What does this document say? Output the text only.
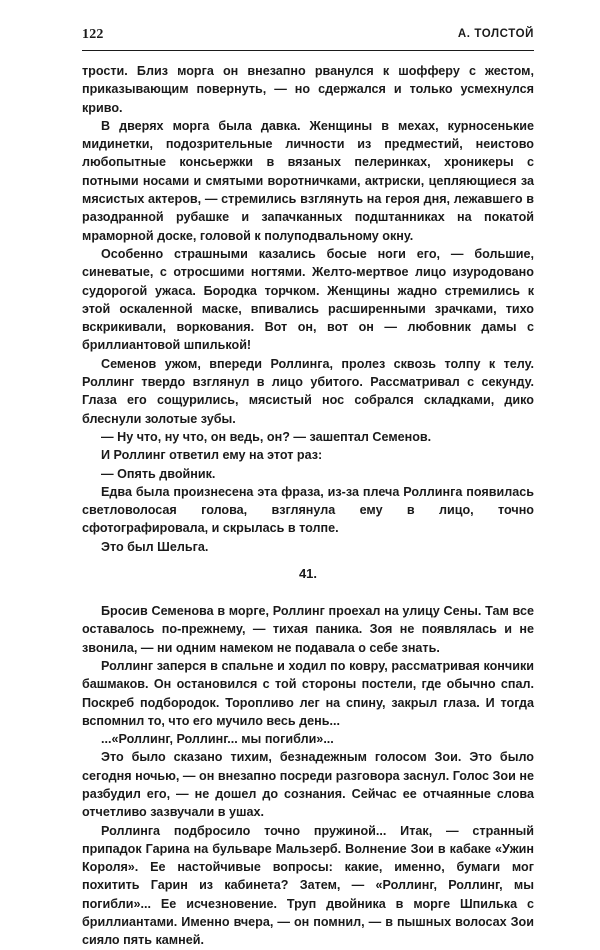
122	А. ТОЛСТОЙ

трости. Близ морга он внезапно рванулся к шофферу с жестом, приказывающим повернуть, — но сдержался и только усмехнулся криво.

В дверях морга была давка. Женщины в мехах, курносенькие мидинетки, подозрительные личности из предместий, неистово любопытные консьержки в вязаных пелеринках, хроникеры с потными носами и смятыми воротничками, актриски, цепляющиеся за мясистых актеров, — стремились взглянуть на героя дня, лежавшего в разодранной рубашке и запачканных подштанниках на покатой мраморной доске, головой к полуподвальному окну.

Особенно страшными казались босые ноги его, — большие, синеватые, с отросшими ногтями. Желто-мертвое лицо изуродовано судорогой ужаса. Бородка торчком. Женщины жадно стремились к этой оскаленной маске, впивались расширенными зрачками, тихо вскрикивали, воркования. Вот он, вот он — любовник дамы с бриллиантовой шпилькой!

Семенов ужом, впереди Роллинга, пролез сквозь толпу к телу. Роллинг твердо взглянул в лицо убитого. Рассматривал с секунду. Глаза его сощурились, мясистый нос собрался складками, дико блеснули золотые зубы.

— Ну что, ну что, он ведь, он? — зашептал Семенов.

И Роллинг ответил ему на этот раз:

— Опять двойник.

Едва была произнесена эта фраза, из-за плеча Роллинга появилась светловолосая голова, взглянула ему в лицо, точно сфотографировала, и скрылась в толпе.

Это был Шельга.

41.

Бросив Семенова в морге, Роллинг проехал на улицу Сены. Там все оставалось по-прежнему, — тихая паника. Зоя не появлялась и не звонила, — ни одним намеком не подавала о себе знать.

Роллинг заперся в спальне и ходил по ковру, рассматривая кончики башмаков. Он остановился с той стороны постели, где обычно спал. Поскреб подбородок. Торопливо лег на спину, закрыл глаза. И тогда вспомнил то, что его мучило весь день...

...«Роллинг, Роллинг... мы погибли»...

Это было сказано тихим, безнадежным голосом Зои. Это было сегодня ночью, — он внезапно посреди разговора заснул. Голос Зои не разбудил его, — не дошел до сознания. Сейчас ее отчаянные слова отчетливо зазвучали в ушах.

Роллинга подбросило точно пружиной... Итак, — странный припадок Гарина на бульваре Мальзерб. Волнение Зои в кабаке «Ужин Короля». Ее настойчивые вопросы: какие, именно, бумаги мог похитить Гарин из кабинета? Затем, — «Роллинг, Роллинг, мы погибли»... Ее исчезновение. Труп двойника в морге Шпилька с бриллиантами. Именно вчера, — он помнил, — в пышных волосах Зои сияло пять камней.
